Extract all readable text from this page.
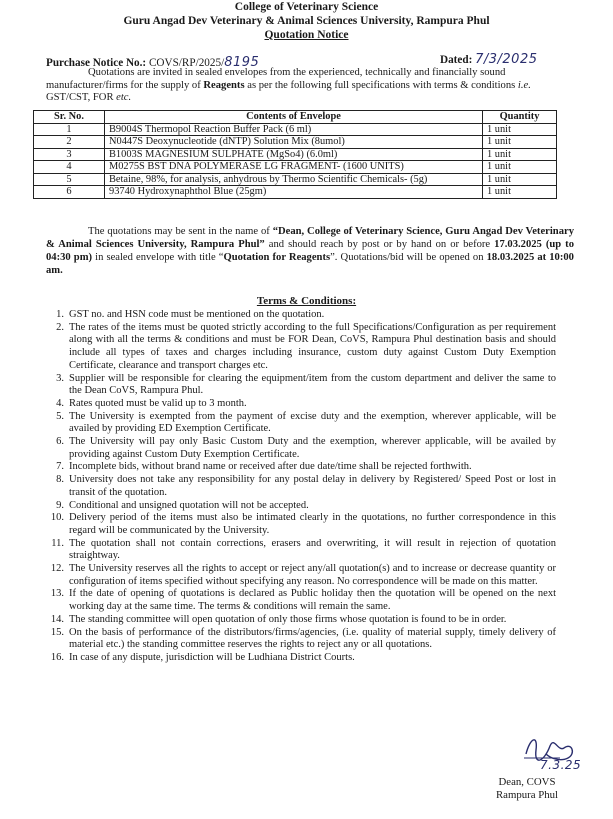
College of Veterinary Science
Guru Angad Dev Veterinary & Animal Sciences University, Rampura Phul
Quotation Notice
Purchase Notice No.: COVS/RP/2025/8195	Dated: 7/3/2025
Quotations are invited in sealed envelopes from the experienced, technically and financially sound manufacturer/firms for the supply of Reagents as per the following full specifications with terms & conditions i.e. GST/CST, FOR etc.
Sr. No.	Contents of Envelope	Quantity
1	B9004S Thermopol Reaction Buffer Pack (6 ml)	1 unit
2	N0447S Deoxynucleotide (dNTP) Solution Mix (8umol)	1 unit
3	B1003S MAGNESIUM SULPHATE (MgSo4) (6.0ml)	1 unit
4	M0275S BST DNA POLYMERASE LG FRAGMENT- (1600 UNITS)	1 unit
5	Betaine, 98%, for analysis, anhydrous by Thermo Scientific Chemicals- (5g)	1 unit
6	93740 Hydroxynaphthol Blue (25gm)	1 unit
The quotations may be sent in the name of “Dean, College of Veterinary Science, Guru Angad Dev Veterinary & Animal Sciences University, Rampura Phul” and should reach by post or by hand on or before 17.03.2025 (up to 04:30 pm) in sealed envelope with title “Quotation for Reagents”. Quotations/bid will be opened on 18.03.2025 at 10:00 am.
Terms & Conditions:
1. GST no. and HSN code must be mentioned on the quotation.
2. The rates of the items must be quoted strictly according to the full Specifications/Configuration as per requirement along with all the terms & conditions and must be FOR Dean, CoVS, Rampura Phul destination basis and should include all types of taxes and charges including insurance, custom duty against Custom Duty Exemption Certificate, clearance and transport charges etc.
3. Supplier will be responsible for clearing the equipment/item from the custom department and deliver the same to the Dean CoVS, Rampura Phul.
4. Rates quoted must be valid up to 3 month.
5. The University is exempted from the payment of excise duty and the exemption, wherever applicable, will be availed by providing ED Exemption Certificate.
6. The University will pay only Basic Custom Duty and the exemption, wherever applicable, will be availed by providing against Custom Duty Exemption Certificate.
7. Incomplete bids, without brand name or received after due date/time shall be rejected forthwith.
8. University does not take any responsibility for any postal delay in delivery by Registered/ Speed Post or lost in transit of the quotation.
9. Conditional and unsigned quotation will not be accepted.
10. Delivery period of the items must also be intimated clearly in the quotations, no further correspondence in this regard will be communicated by the University.
11. The quotation shall not contain corrections, erasers and overwriting, it will result in rejection of quotation straightway.
12. The University reserves all the rights to accept or reject any/all quotation(s) and to increase or decrease quantity or configuration of items specified without specifying any reason. No correspondence will be made on this matter.
13. If the date of opening of quotations is declared as Public holiday then the quotation will be opened on the next working day at the same time. The terms & conditions will remain the same.
14. The standing committee will open quotation of only those firms whose quotation is found to be in order.
15. On the basis of performance of the distributors/firms/agencies, (i.e. quality of material supply, timely delivery of material etc.) the standing committee reserves the rights to reject any or all quotations.
16. In case of any dispute, jurisdiction will be Ludhiana District Courts.
7.3.25
Dean, COVS
Rampura Phul
